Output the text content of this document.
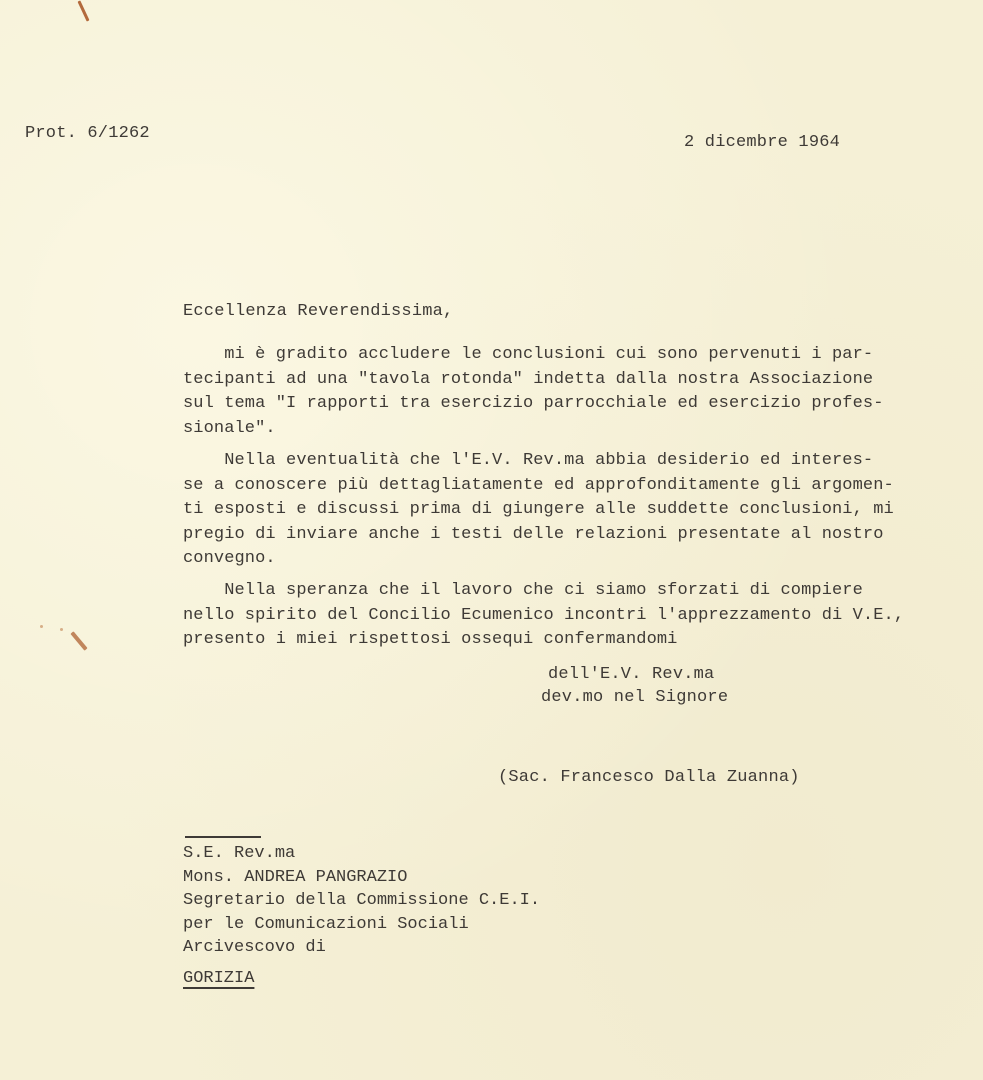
Prot. 6/1262	2 dicembre 1964
Eccellenza Reverendissima,
mi è gradito accludere le conclusioni cui sono pervenuti i par-
tecipanti ad una "tavola rotonda" indetta dalla nostra Associazione
sul tema "I rapporti tra esercizio parrocchiale ed esercizio profes-
sionale".
Nella eventualità che l'E.V. Rev.ma abbia desiderio ed interes-
se a conoscere più dettagliatamente ed approfonditamente gli argomen-
ti esposti e discussi prima di giungere alle suddette conclusioni, mi
pregio di inviare anche i testi delle relazioni presentate al nostro
convegno.
Nella speranza che il lavoro che ci siamo sforzati di compiere
nello spirito del Concilio Ecumenico incontri l'apprezzamento di V.E.,
presento i miei rispettosi ossequi confermandomi
dell'E.V. Rev.ma
dev.mo nel Signore
(Sac. Francesco Dalla Zuanna)
S.E. Rev.ma
Mons. ANDREA PANGRAZIO
Segretario della Commissione C.E.I.
per le Comunicazioni Sociali
Arcivescovo di
GORIZIA
